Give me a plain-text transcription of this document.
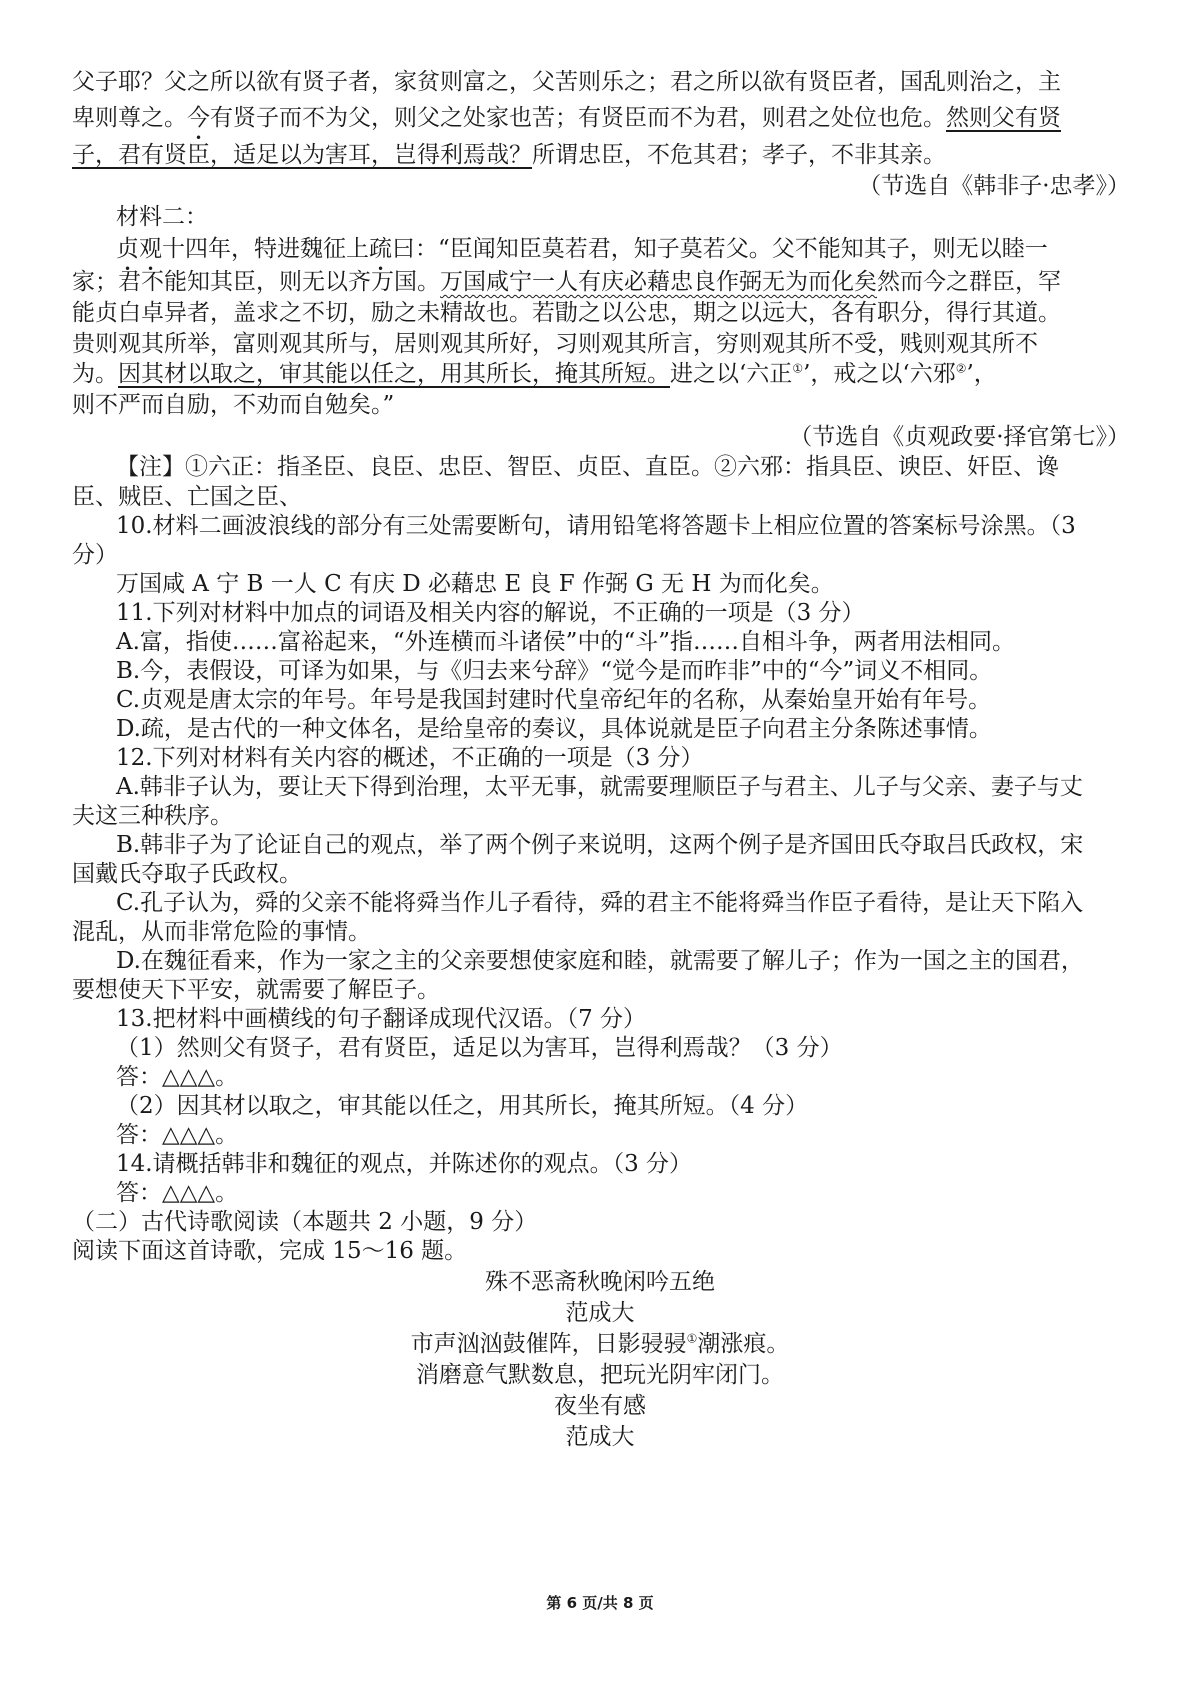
父子耶？父之所以欲有贤子者，家贫则富之，父苦则乐之；君之所以欲有贤臣者，国乱则治之，主
卑则尊之。今有贤子而不为父，则父之处家也苦；有贤臣而不为君，则君之处位也危。然则父有贤
子，君有贤臣，适足以为害耳，岂得利焉哉？所谓忠臣，不危其君；孝子，不非其亲。
（节选自《韩非子·忠孝》）
材料二：
贞观十四年，特进魏征上疏曰：“臣闻知臣莫若君，知子莫若父。父不能知其子，则无以睦一
家；君不能知其臣，则无以齐万国。万国咸宁一人有庆必藉忠良作弼无为而化矣然而今之群臣，罕
能贞白卓异者，盖求之不切，励之未精故也。若勖之以公忠，期之以远大，各有职分，得行其道。
贵则观其所举，富则观其所与，居则观其所好，习则观其所言，穷则观其所不受，贱则观其所不
为。因其材以取之，审其能以任之，用其所长，掩其所短。进之以‘六正①’，戒之以‘六邪②’，
则不严而自励，不劝而自勉矣。”
（节选自《贞观政要·择官第七》）
【注】①六正：指圣臣、良臣、忠臣、智臣、贞臣、直臣。②六邪：指具臣、谀臣、奸臣、谗
臣、贼臣、亡国之臣、
10.材料二画波浪线的部分有三处需要断句，请用铅笔将答题卡上相应位置的答案标号涂黑。（3
分）
万国咸 A 宁 B 一人 C 有庆 D 必藉忠 E 良 F 作弼 G 无 H 为而化矣。
11.下列对材料中加点的词语及相关内容的解说，不正确的一项是（3 分）
A.富，指使……富裕起来，“外连横而斗诸侯”中的“斗”指……自相斗争，两者用法相同。
B.今，表假设，可译为如果，与《归去来兮辞》“觉今是而昨非”中的“今”词义不相同。
C.贞观是唐太宗的年号。年号是我国封建时代皇帝纪年的名称，从秦始皇开始有年号。
D.疏，是古代的一种文体名，是给皇帝的奏议，具体说就是臣子向君主分条陈述事情。
12.下列对材料有关内容的概述，不正确的一项是（3 分）
A.韩非子认为，要让天下得到治理，太平无事，就需要理顺臣子与君主、儿子与父亲、妻子与丈
夫这三种秩序。
B.韩非子为了论证自己的观点，举了两个例子来说明，这两个例子是齐国田氏夺取吕氏政权，宋
国戴氏夺取子氏政权。
C.孔子认为，舜的父亲不能将舜当作儿子看待，舜的君主不能将舜当作臣子看待，是让天下陷入
混乱，从而非常危险的事情。
D.在魏征看来，作为一家之主的父亲要想使家庭和睦，就需要了解儿子；作为一国之主的国君，
要想使天下平安，就需要了解臣子。
13.把材料中画横线的句子翻译成现代汉语。（7 分）
（1）然则父有贤子，君有贤臣，适足以为害耳，岂得利焉哉？（3 分）
答：△△△。
（2）因其材以取之，审其能以任之，用其所长，掩其所短。（4 分）
答：△△△。
14.请概括韩非和魏征的观点，并陈述你的观点。（3 分）
答：△△△。
（二）古代诗歌阅读（本题共 2 小题，9 分）
阅读下面这首诗歌，完成 15～16 题。
殊不恶斋秋晚闲吟五绝
范成大
市声汹汹鼓催阵，日影骎骎①潮涨痕。
消磨意气默数息，把玩光阴牢闭门。
夜坐有感
范成大
第 6 页/共 8 页
